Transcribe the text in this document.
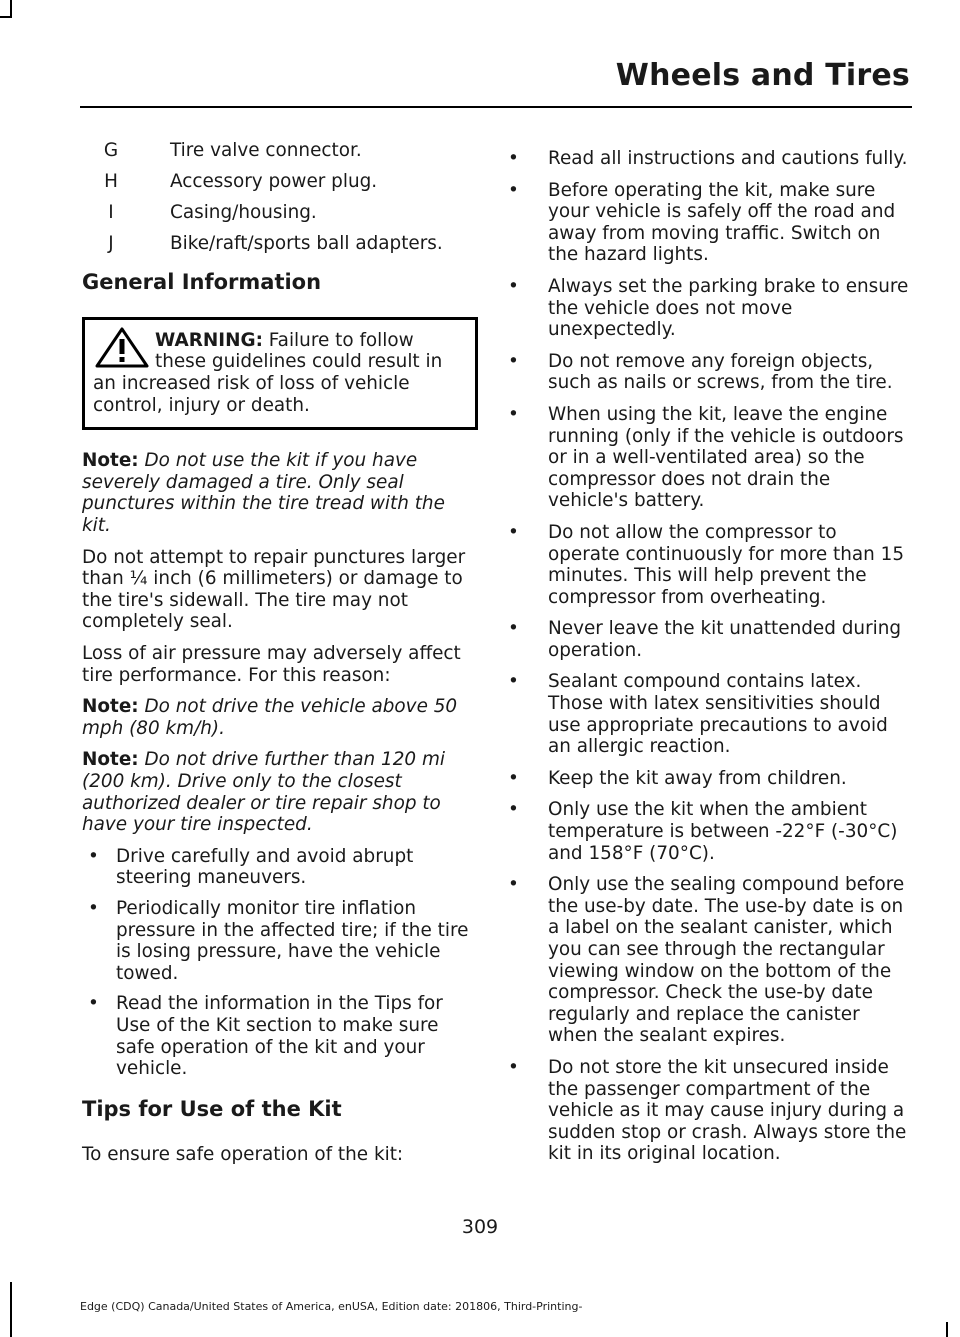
Wheels and Tires
G	Tire valve connector.
H	Accessory power plug.
I	Casing/housing.
J	Bike/raft/sports ball adapters.
General Information
WARNING: Failure to follow these guidelines could result in an increased risk of loss of vehicle control, injury or death.

Note: Do not use the kit if you have severely damaged a tire. Only seal punctures within the tire tread with the kit.

Do not attempt to repair punctures larger than ¼ inch (6 millimeters) or damage to the tire's sidewall. The tire may not completely seal.

Loss of air pressure may adversely affect tire performance. For this reason:

Note: Do not drive the vehicle above 50 mph (80 km/h).

Note: Do not drive further than 120 mi (200 km). Drive only to the closest authorized dealer or tire repair shop to have your tire inspected.

• Drive carefully and avoid abrupt steering maneuvers.
• Periodically monitor tire inflation pressure in the affected tire; if the tire is losing pressure, have the vehicle towed.
• Read the information in the Tips for Use of the Kit section to make sure safe operation of the kit and your vehicle.
Tips for Use of the Kit

To ensure safe operation of the kit:

• Read all instructions and cautions fully.
• Before operating the kit, make sure your vehicle is safely off the road and away from moving traffic. Switch on the hazard lights.
• Always set the parking brake to ensure the vehicle does not move unexpectedly.
• Do not remove any foreign objects, such as nails or screws, from the tire.
• When using the kit, leave the engine running (only if the vehicle is outdoors or in a well-ventilated area) so the compressor does not drain the vehicle's battery.
• Do not allow the compressor to operate continuously for more than 15 minutes. This will help prevent the compressor from overheating.
• Never leave the kit unattended during operation.
• Sealant compound contains latex. Those with latex sensitivities should use appropriate precautions to avoid an allergic reaction.
• Keep the kit away from children.
• Only use the kit when the ambient temperature is between -22°F (-30°C) and 158°F (70°C).
• Only use the sealing compound before the use-by date. The use-by date is on a label on the sealant canister, which you can see through the rectangular viewing window on the bottom of the compressor. Check the use-by date regularly and replace the canister when the sealant expires.
• Do not store the kit unsecured inside the passenger compartment of the vehicle as it may cause injury during a sudden stop or crash. Always store the kit in its original location.
309
Edge (CDQ) Canada/United States of America, enUSA, Edition date: 201806, Third-Printing-
